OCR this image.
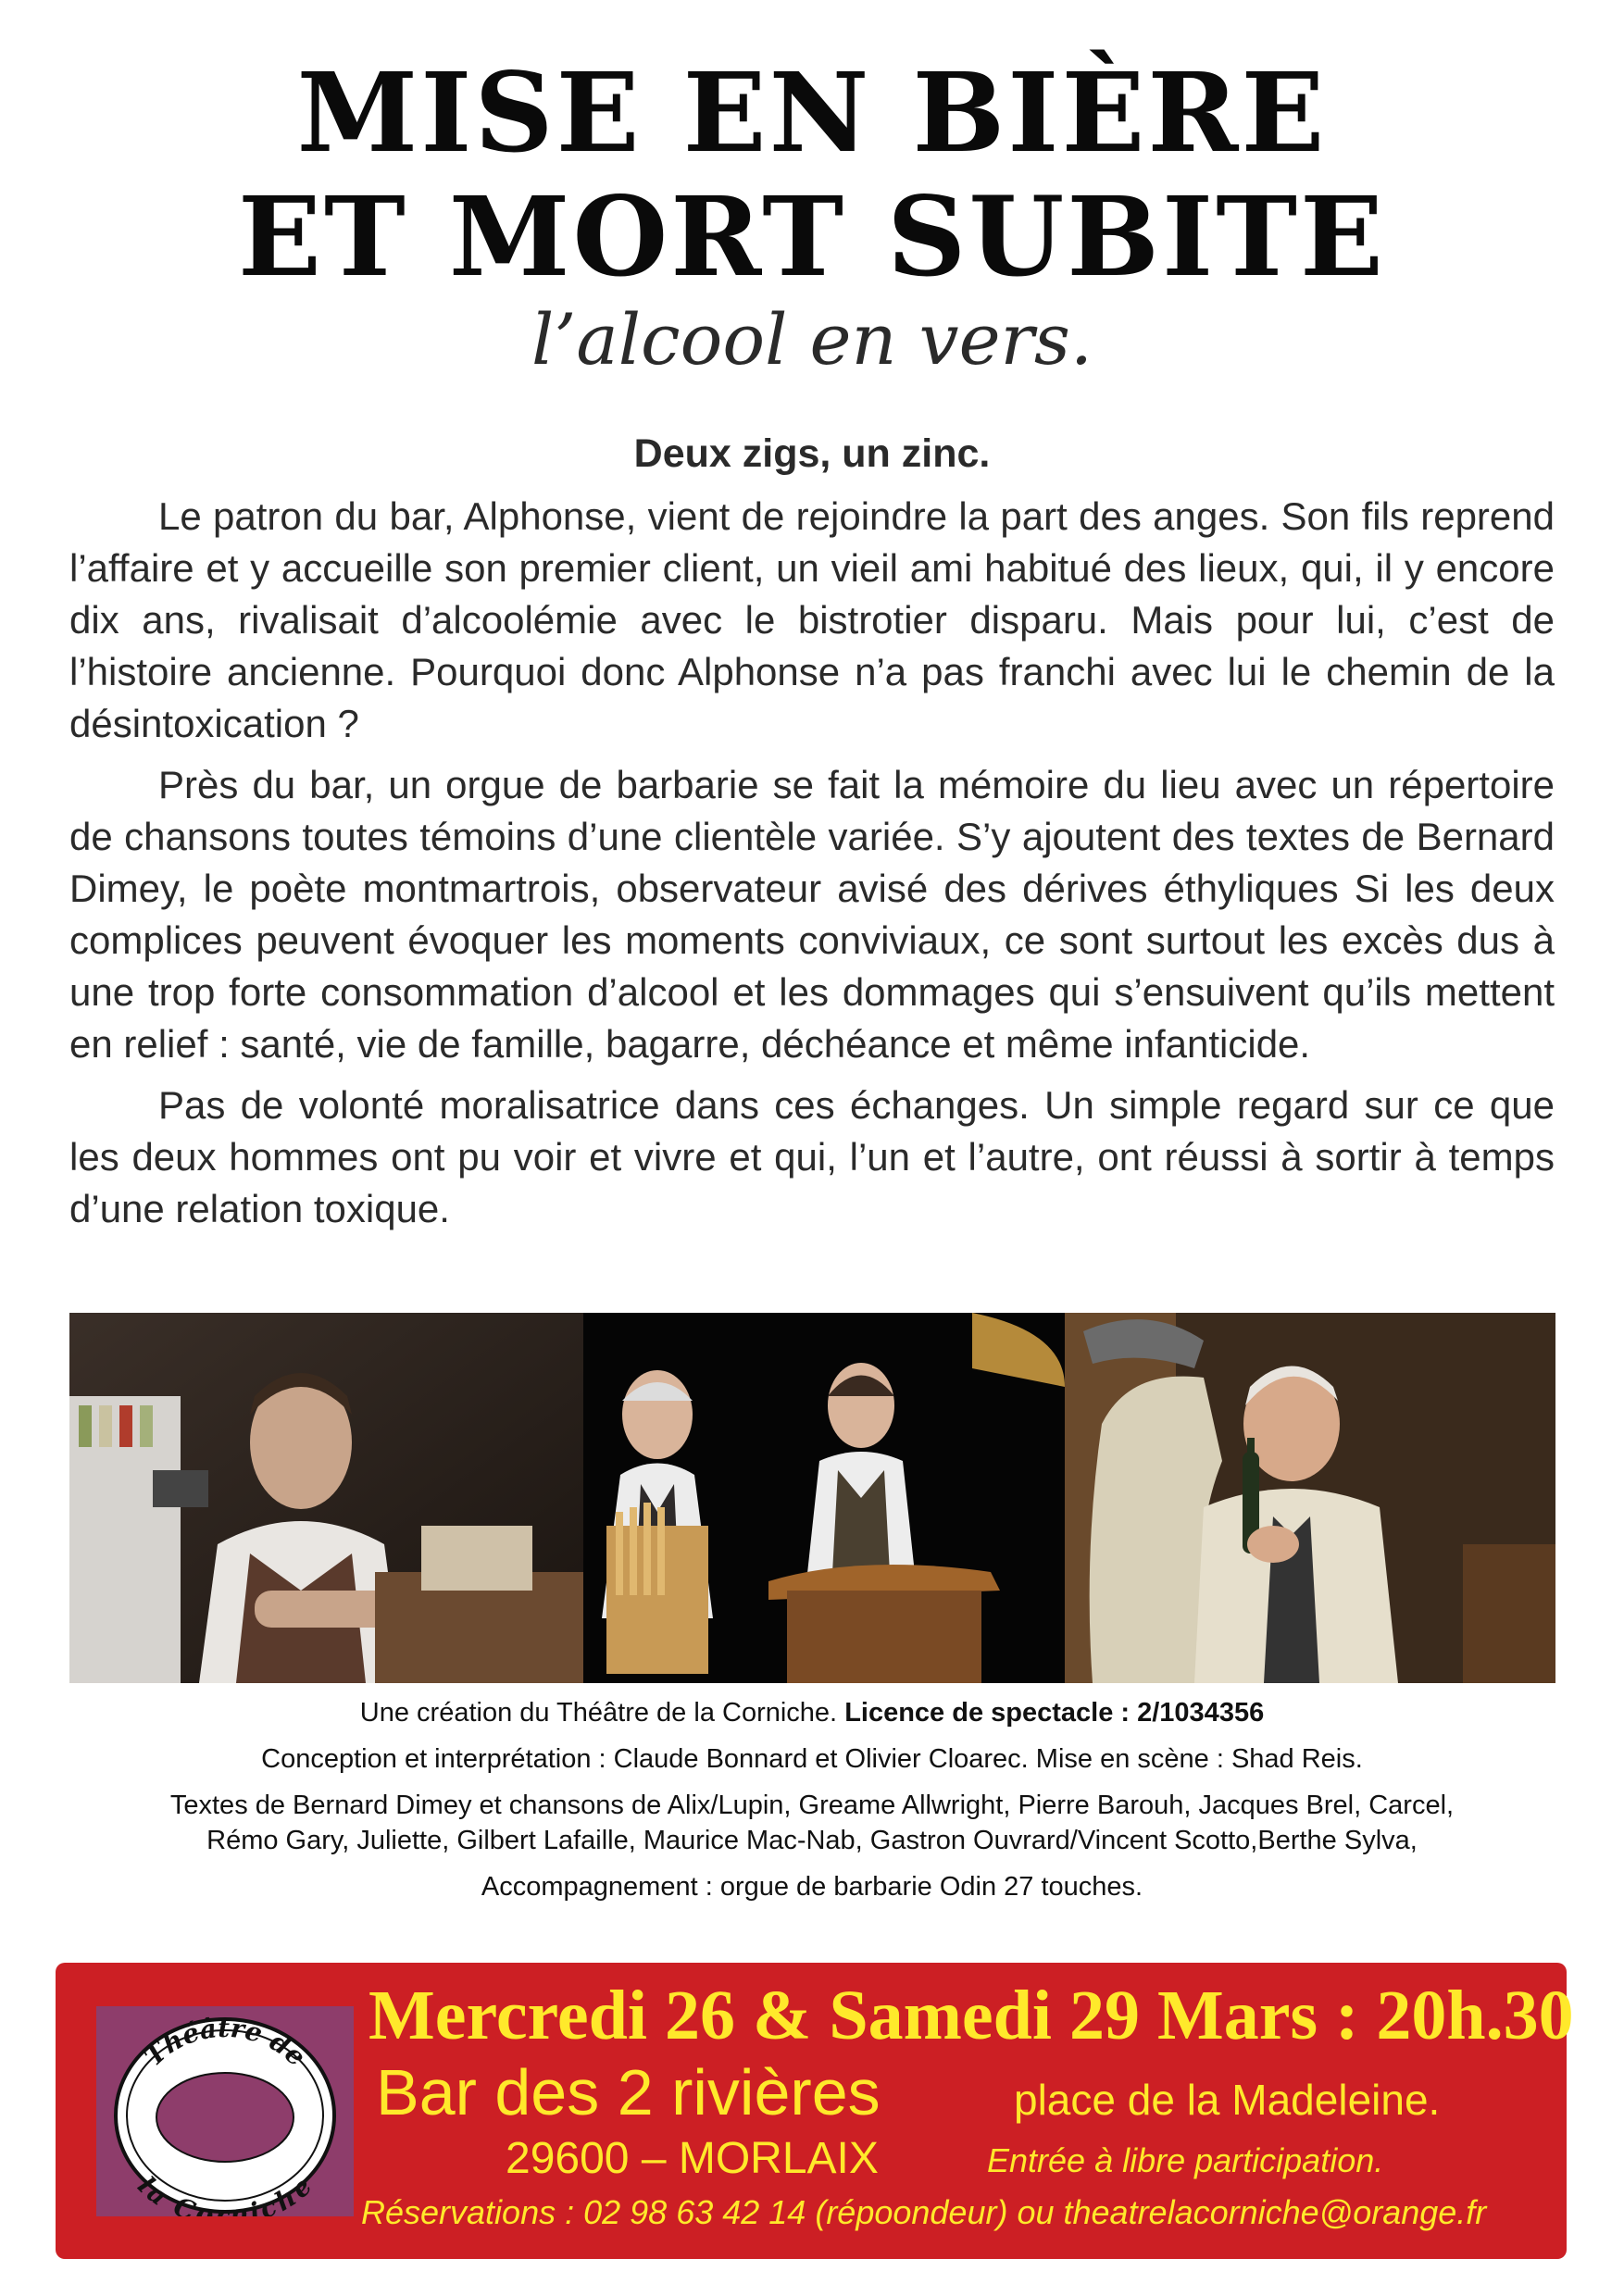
MISE EN BIÈRE
ET MORT SUBITE
l’alcool en vers.
Deux zigs, un zinc.

Le patron du bar, Alphonse, vient de rejoindre la part des anges. Son fils reprend l’affaire et y accueille son premier client, un vieil ami habitué des lieux, qui, il y encore dix ans, rivalisait d’alcoolémie avec le bistrotier disparu. Mais pour lui, c’est de l’histoire ancienne. Pourquoi donc Alphonse n’a pas franchi avec lui le chemin de la désintoxication ?

Près du bar, un orgue de barbarie se fait la mémoire du lieu avec un répertoire de chansons toutes témoins d’une clientèle variée. S’y ajoutent des textes de Bernard Dimey, le poète montmartrois, observateur avisé des dérives éthyliques Si les deux complices peuvent évoquer les moments conviviaux, ce sont surtout les excès dus à une trop forte consommation d’alcool et les dommages qui s’ensuivent qu’ils mettent en relief : santé, vie de famille, bagarre, déchéance et même infanticide.

Pas de volonté moralisatrice dans ces échanges. Un simple regard sur ce que les deux hommes ont pu voir et vivre et qui, l’un et l’autre, ont réussi à sortir à temps d’une relation toxique.

Une création du Théâtre de la Corniche. Licence de spectacle : 2/1034356
Conception et interprétation : Claude Bonnard et Olivier Cloarec. Mise en scène : Shad Reis.
Textes de Bernard Dimey et chansons de Alix/Lupin, Greame Allwright, Pierre Barouh, Jacques Brel, Carcel,
Rémo Gary, Juliette, Gilbert Lafaille, Maurice Mac-Nab, Gastron Ouvrard/Vincent Scotto,Berthe Sylva,
Accompagnement : orgue de barbarie Odin 27 touches.
Théâtre de
la Corniche
Mercredi 26 & Samedi 29 Mars : 20h.30
Bar des 2 rivières	place de la Madeleine.
29600 – MORLAIX	Entrée à libre participation.
Réservations : 02 98 63 42 14 (répoondeur) ou theatrelacorniche@orange.fr
